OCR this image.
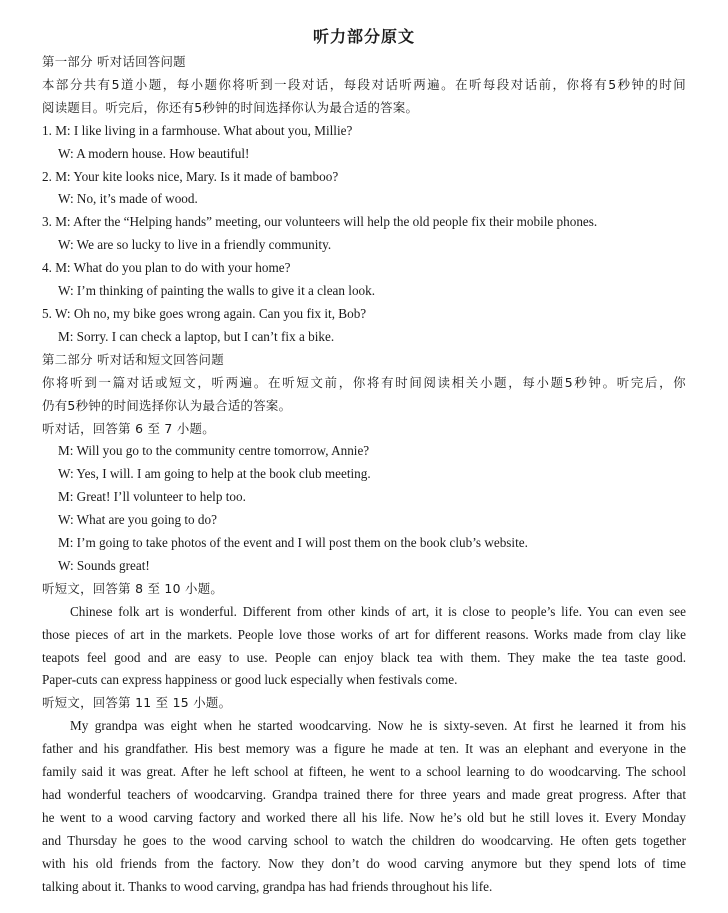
听力部分原文
第一部分 听对话回答问题
本部分共有5道小题，每小题你将听到一段对话，每段对话听两遍。在听每段对话前，你将有5秒钟的时间
阅读题目。听完后，你还有5秒钟的时间选择你认为最合适的答案。
1. M: I like living in a farmhouse. What about you, Millie?
W: A modern house. How beautiful!
2. M: Your kite looks nice, Mary. Is it made of bamboo?
W: No, it’s made of wood.
3. M: After the “Helping hands” meeting, our volunteers will help the old people fix their mobile phones.
W: We are so lucky to live in a friendly community.
4. M: What do you plan to do with your home?
W: I’m thinking of painting the walls to give it a clean look.
5. W: Oh no, my bike goes wrong again. Can you fix it, Bob?
M: Sorry. I can check a laptop, but I can’t fix a bike.
第二部分 听对话和短文回答问题
你将听到一篇对话或短文，听两遍。在听短文前，你将有时间阅读相关小题，每小题5秒钟。听完后，你
仍有5秒钟的时间选择你认为最合适的答案。
听对话，回答第 6 至 7 小题。
M: Will you go to the community centre tomorrow, Annie?
W: Yes, I will. I am going to help at the book club meeting.
M: Great! I’ll volunteer to help too.
W: What are you going to do?
M: I’m going to take photos of the event and I will post them on the book club’s website.
W: Sounds great!
听短文，回答第 8 至 10 小题。
Chinese folk art is wonderful. Different from other kinds of art, it is close to people’s life. You can even see
those pieces of art in the markets. People love those works of art for different reasons. Works made from clay like
teapots feel good and are easy to use. People can enjoy black tea with them. They make the tea taste good.
Paper-cuts can express happiness or good luck especially when festivals come.
听短文，回答第 11 至 15 小题。
My grandpa was eight when he started woodcarving. Now he is sixty-seven. At first he learned it from his
father and his grandfather. His best memory was a figure he made at ten. It was an elephant and everyone in the
family said it was great. After he left school at fifteen, he went to a school learning to do woodcarving. The school
had wonderful teachers of woodcarving. Grandpa trained there for three years and made great progress. After that
he went to a wood carving factory and worked there all his life. Now he’s old but he still loves it. Every Monday
and Thursday he goes to the wood carving school to watch the children do woodcarving. He often gets together
with his old friends from the factory. Now they don’t do wood carving anymore but they spend lots of time
talking about it. Thanks to wood carving, grandpa has had friends throughout his life.
